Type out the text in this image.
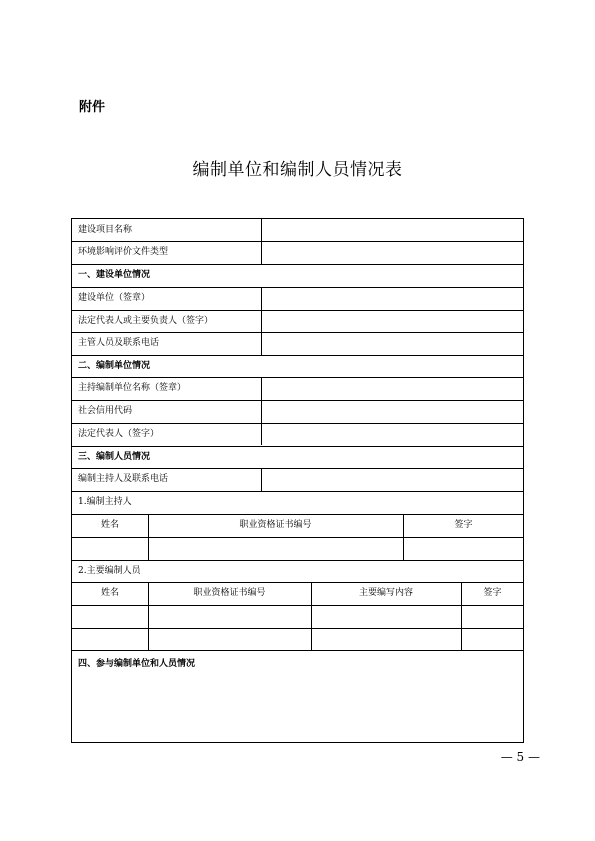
附件
编制单位和编制人员情况表
建设项目名称
环境影响评价文件类型
一、建设单位情况
建设单位（签章）
法定代表人或主要负责人（签字）
主管人员及联系电话
二、编制单位情况
主持编制单位名称（签章）
社会信用代码
法定代表人（签字）
三、编制人员情况
编制主持人及联系电话
1.编制主持人
姓名	职业资格证书编号	签字
2.主要编制人员
姓名	职业资格证书编号	主要编写内容	签字
四、参与编制单位和人员情况
— 5 —
